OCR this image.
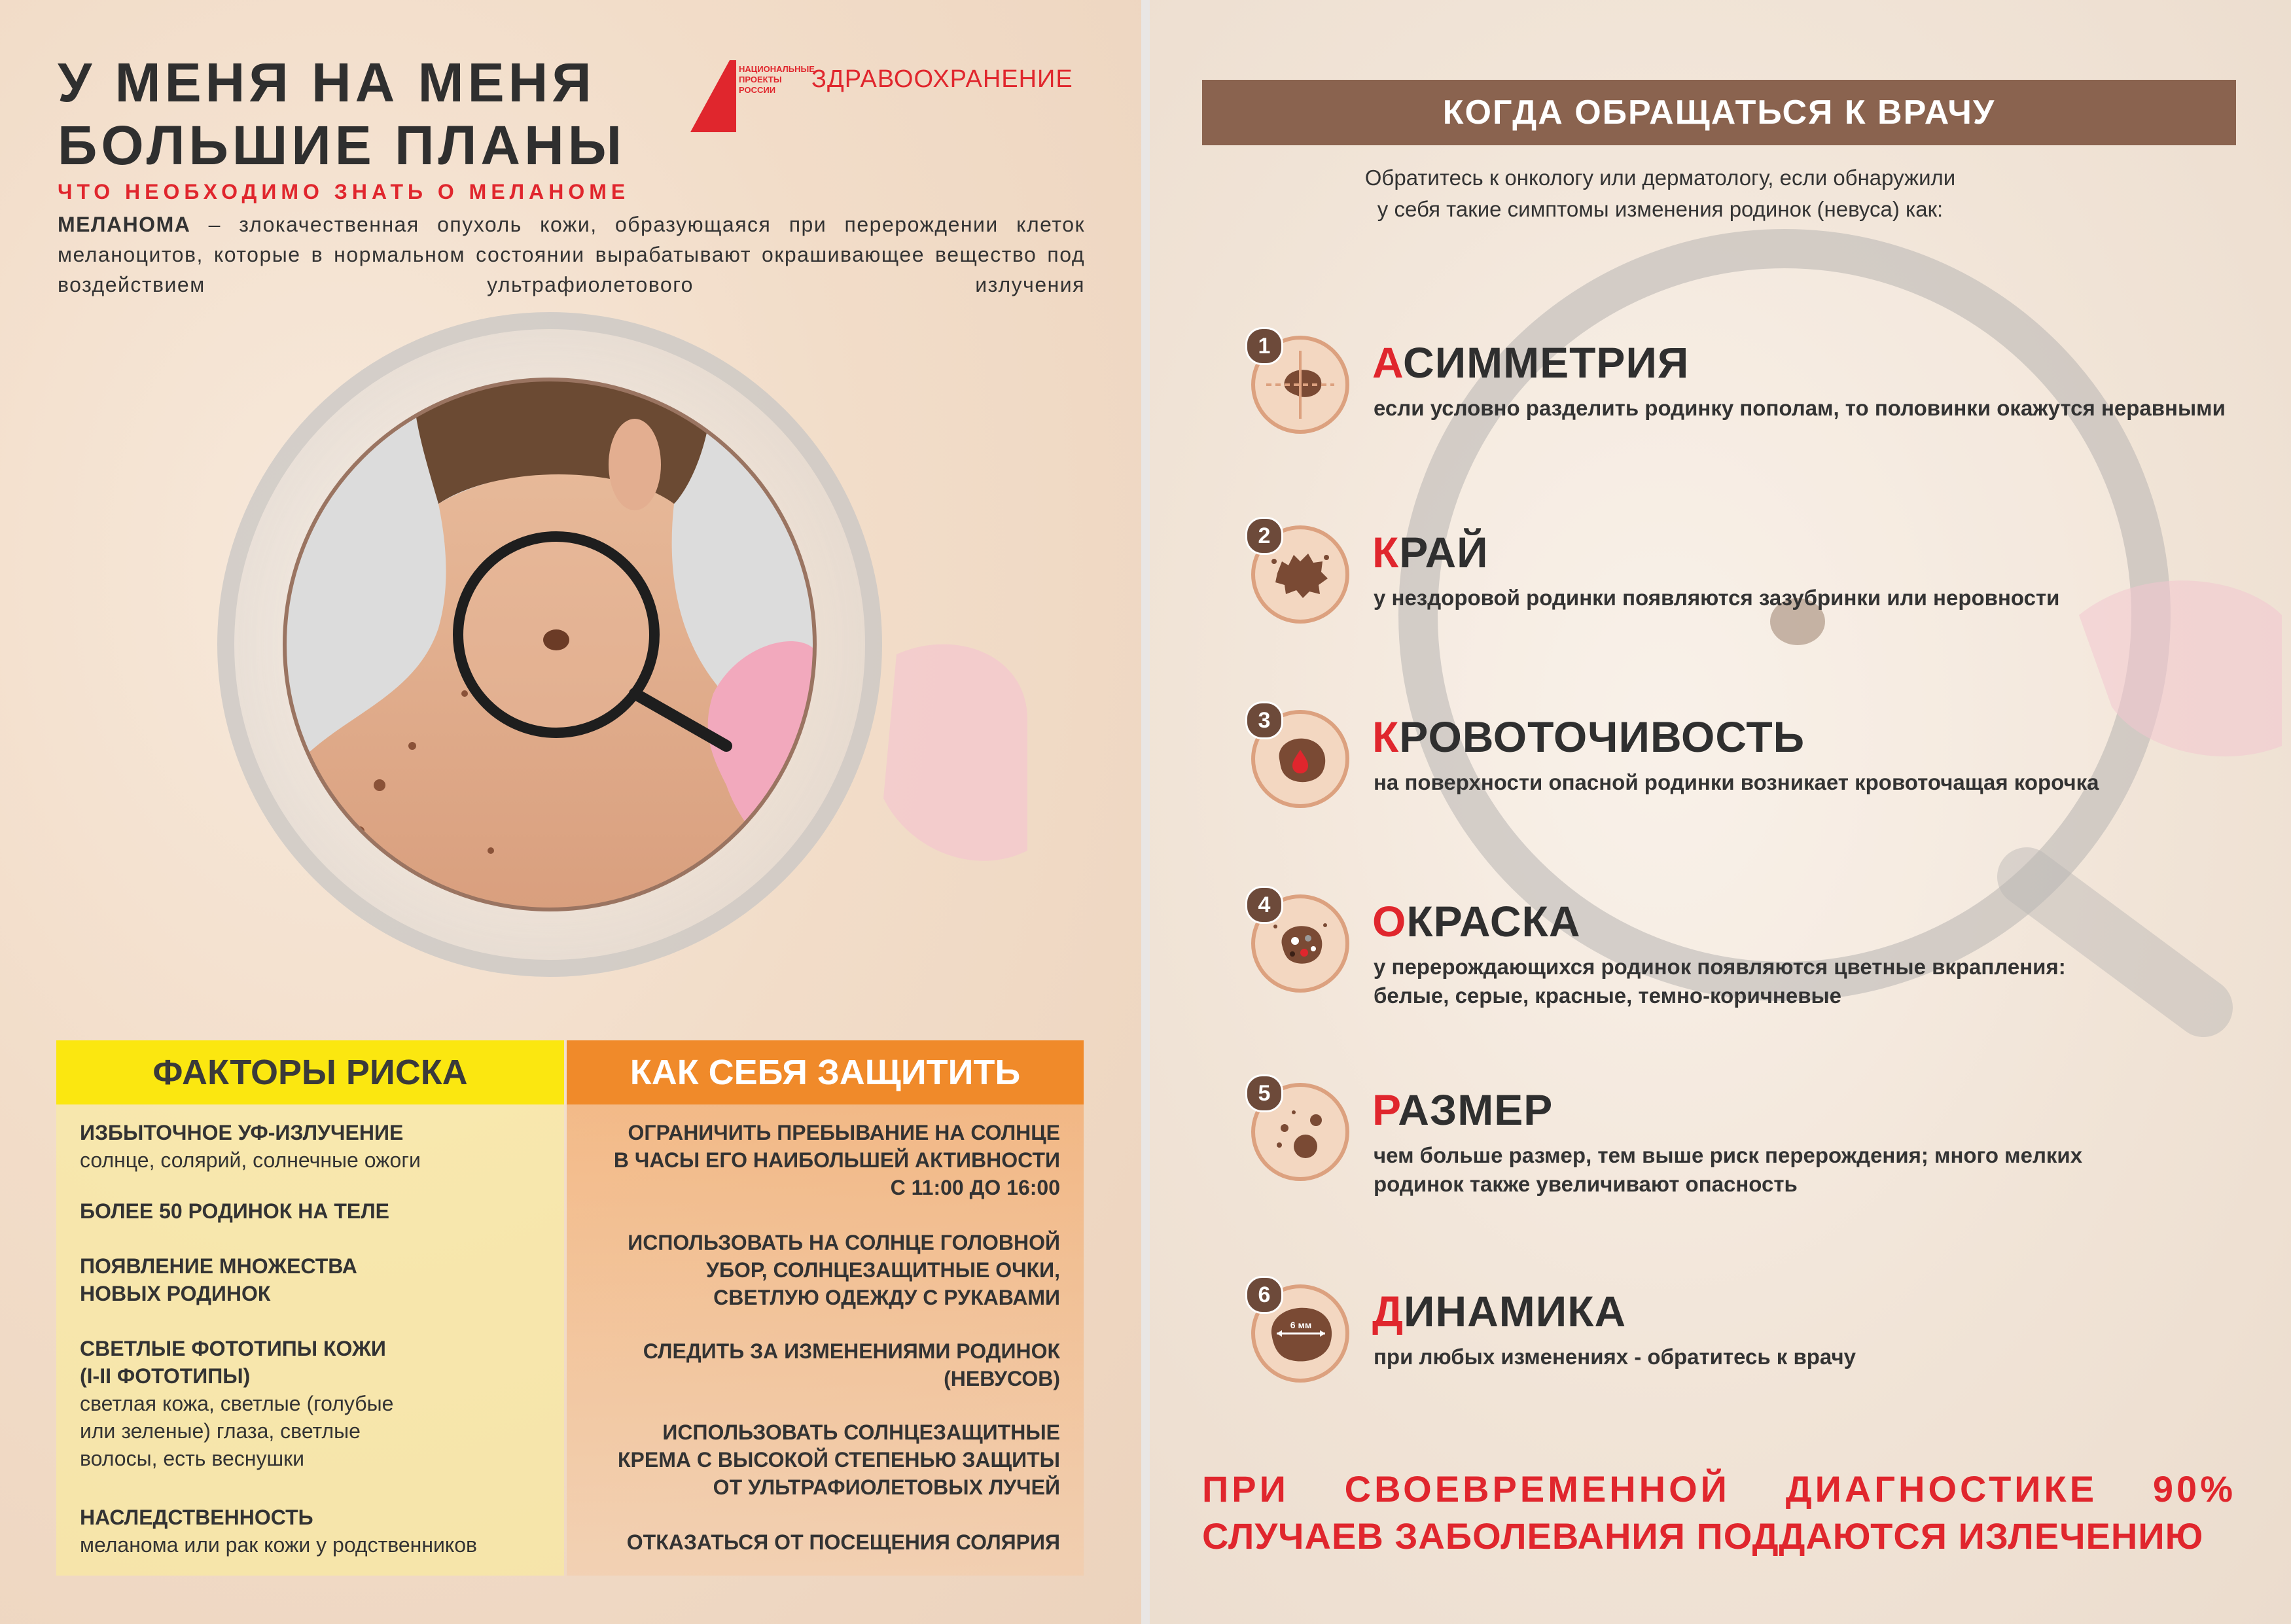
У МЕНЯ НА МЕНЯ
БОЛЬШИЕ ПЛАНЫ
НАЦИОНАЛЬНЫЕ
ПРОЕКТЫ
РОССИИ ЗДРАВООХРАНЕНИЕ
ЧТО НЕОБХОДИМО ЗНАТЬ О МЕЛАНОМЕ
МЕЛАНОМА – злокачественная опухоль кожи, образующаяся при перерождении клеток меланоцитов, которые в нормальном состоянии вырабатывают окрашивающее вещество под воздействием ультрафиолетового излучения
ФАКТОРЫ РИСКА
ИЗБЫТОЧНОЕ УФ-ИЗЛУЧЕНИЕ
солнце, солярий, солнечные ожоги
БОЛЕЕ 50 РОДИНОК НА ТЕЛЕ
ПОЯВЛЕНИЕ МНОЖЕСТВА
НОВЫХ РОДИНОК
СВЕТЛЫЕ ФОТОТИПЫ КОЖИ
(I-II ФОТОТИПЫ)
светлая кожа, светлые (голубые
или зеленые) глаза, светлые
волосы, есть веснушки
НАСЛЕДСТВЕННОСТЬ
меланома или рак кожи у родственников
КАК СЕБЯ ЗАЩИТИТЬ
ОГРАНИЧИТЬ ПРЕБЫВАНИЕ НА СОЛНЦЕ
В ЧАСЫ ЕГО НАИБОЛЬШЕЙ АКТИВНОСТИ
С 11:00 ДО 16:00
ИСПОЛЬЗОВАТЬ НА СОЛНЦЕ ГОЛОВНОЙ
УБОР, СОЛНЦЕЗАЩИТНЫЕ ОЧКИ,
СВЕТЛУЮ ОДЕЖДУ С РУКАВАМИ
СЛЕДИТЬ ЗА ИЗМЕНЕНИЯМИ РОДИНОК
(НЕВУСОВ)
ИСПОЛЬЗОВАТЬ СОЛНЦЕЗАЩИТНЫЕ
КРЕМА С ВЫСОКОЙ СТЕПЕНЬЮ ЗАЩИТЫ
ОТ УЛЬТРАФИОЛЕТОВЫХ ЛУЧЕЙ
ОТКАЗАТЬСЯ ОТ ПОСЕЩЕНИЯ СОЛЯРИЯ
КОГДА ОБРАЩАТЬСЯ К ВРАЧУ
Обратитесь к онкологу или дерматологу, если обнаружили
у себя такие симптомы изменения родинок (невуса) как:
1 АСИММЕТРИЯ
если условно разделить родинку пополам, то половинки окажутся неравными
2 КРАЙ
у нездоровой родинки появляются зазубринки или неровности
3 КРОВОТОЧИВОСТЬ
на поверхности опасной родинки возникает кровоточащая корочка
4 ОКРАСКА
у перерождающихся родинок появляются цветные вкрапления:
белые, серые, красные, темно-коричневые
5 РАЗМЕР
чем больше размер, тем выше риск перерождения; много мелких
родинок также увеличивают опасность
6 мм
6 ДИНАМИКА
при любых изменениях - обратитесь к врачу
ПРИ СВОЕВРЕМЕННОЙ ДИАГНОСТИКЕ 90%
СЛУЧАЕВ ЗАБОЛЕВАНИЯ ПОДДАЮТСЯ ИЗЛЕЧЕНИЮ
